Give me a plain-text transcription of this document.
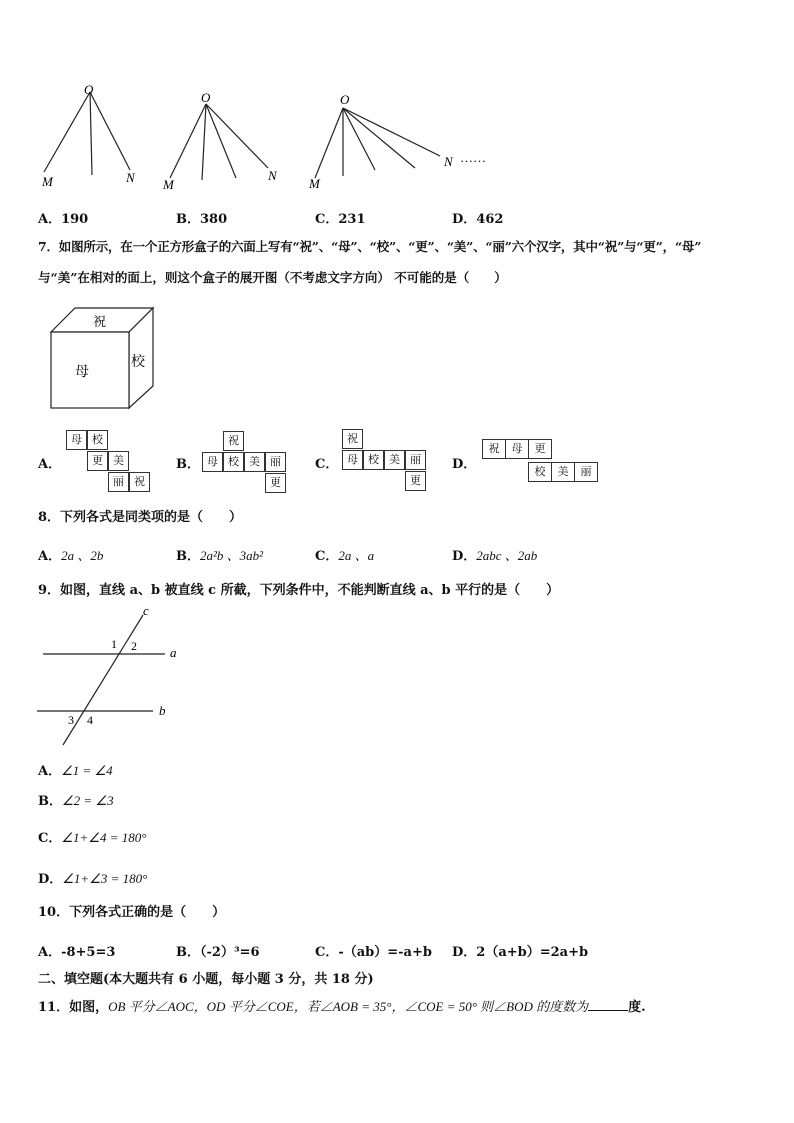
O
M	N
O
M
N
O
M
N ……
A．190	B．380	C．231	D．462
7．如图所示，在一个正方形盒子的六面上写有“祝”、“母”、“校”、“更”、“美”、“丽”六个汉字，其中“祝”与“更”，“母”
与“美”在相对的面上，则这个盒子的展开图（不考虑文字方向） 不可能的是（　　）
祝
母
校
A．
母 校
更 美
丽 祝
B．
祝
母 校 美 丽
更
C．
祝
母 校 美 丽
更
D．
祝	母	更
校	美	丽
8．下列各式是同类项的是（　　）
A．2a 、2b	B．2a²b 、3ab²	C．2a 、a	D．2abc 、2ab
9．如图，直线 a、b 被直线 c 所截，下列条件中，不能判断直线 a、b 平行的是（　　）
c
a
b
1 2
3 4
A．∠1 = ∠4
B．∠2 = ∠3
C．∠1+∠4 = 180°
D．∠1+∠3 = 180°
10．下列各式正确的是（　　）
A．-8+5=3	B．（-2）³=6	C．-（ab）=-a+b D．2（a+b）=2a+b
二、填空题(本大题共有 6 小题，每小题 3 分，共 18 分)
11．如图，OB 平分∠AOC，OD 平分∠COE，若∠AOB = 35°，∠COE = 50° 则∠BOD 的度数为	度.
